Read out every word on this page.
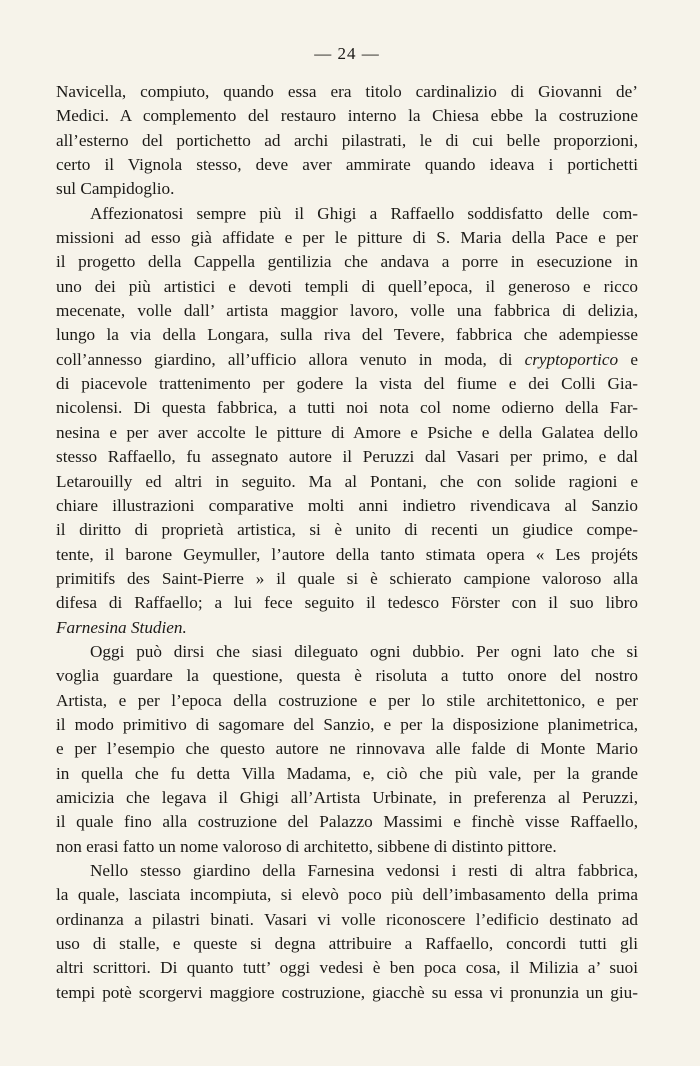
— 24 —

Navicella, compiuto, quando essa era titolo cardinalizio di Giovanni de’
Medici. A complemento del restauro interno la Chiesa ebbe la costruzione
all’esterno del portichetto ad archi pilastrati, le di cui belle proporzioni,
certo il Vignola stesso, deve aver ammirate quando ideava i portichetti
sul Campidoglio.

Affezionatosi sempre più il Ghigi a Raffaello soddisfatto delle com-
missioni ad esso già affidate e per le pitture di S. Maria della Pace e per
il progetto della Cappella gentilizia che andava a porre in esecuzione in
uno dei più artistici e devoti templi di quell’epoca, il generoso e ricco
mecenate, volle dall’ artista maggior lavoro, volle una fabbrica di delizia,
lungo la via della Longara, sulla riva del Tevere, fabbrica che adempiesse
coll’annesso giardino, all’ufficio allora venuto in moda, di cryptoportico e
di piacevole trattenimento per godere la vista del fiume e dei Colli Gia-
nicolensi. Di questa fabbrica, a tutti noi nota col nome odierno della Far-
nesina e per aver accolte le pitture di Amore e Psiche e della Galatea dello
stesso Raffaello, fu assegnato autore il Peruzzi dal Vasari per primo, e dal
Letarouilly ed altri in seguito. Ma al Pontani, che con solide ragioni e
chiare illustrazioni comparative molti anni indietro rivendicava al Sanzio
il diritto di proprietà artistica, si è unito di recenti un giudice compe-
tente, il barone Geymuller, l’autore della tanto stimata opera « Les projéts
primitifs des Saint-Pierre » il quale si è schierato campione valoroso alla
difesa di Raffaello; a lui fece seguito il tedesco Förster con il suo libro
Farnesina Studien.

Oggi può dirsi che siasi dileguato ogni dubbio. Per ogni lato che si
voglia guardare la questione, questa è risoluta a tutto onore del nostro
Artista, e per l’epoca della costruzione e per lo stile architettonico, e per
il modo primitivo di sagomare del Sanzio, e per la disposizione planimetrica,
e per l’esempio che questo autore ne rinnovava alle falde di Monte Mario
in quella che fu detta Villa Madama, e, ciò che più vale, per la grande
amicizia che legava il Ghigi all’Artista Urbinate, in preferenza al Peruzzi,
il quale fino alla costruzione del Palazzo Massimi e finchè visse Raffaello,
non erasi fatto un nome valoroso di architetto, sibbene di distinto pittore.

Nello stesso giardino della Farnesina vedonsi i resti di altra fabbrica,
la quale, lasciata incompiuta, si elevò poco più dell’imbasamento della prima
ordinanza a pilastri binati. Vasari vi volle riconoscere l’edificio destinato ad
uso di stalle, e queste si degna attribuire a Raffaello, concordi tutti gli
altri scrittori. Di quanto tutt’ oggi vedesi è ben poca cosa, il Milizia a’ suoi
tempi potè scorgervi maggiore costruzione, giacchè su essa vi pronunzia un giu-
